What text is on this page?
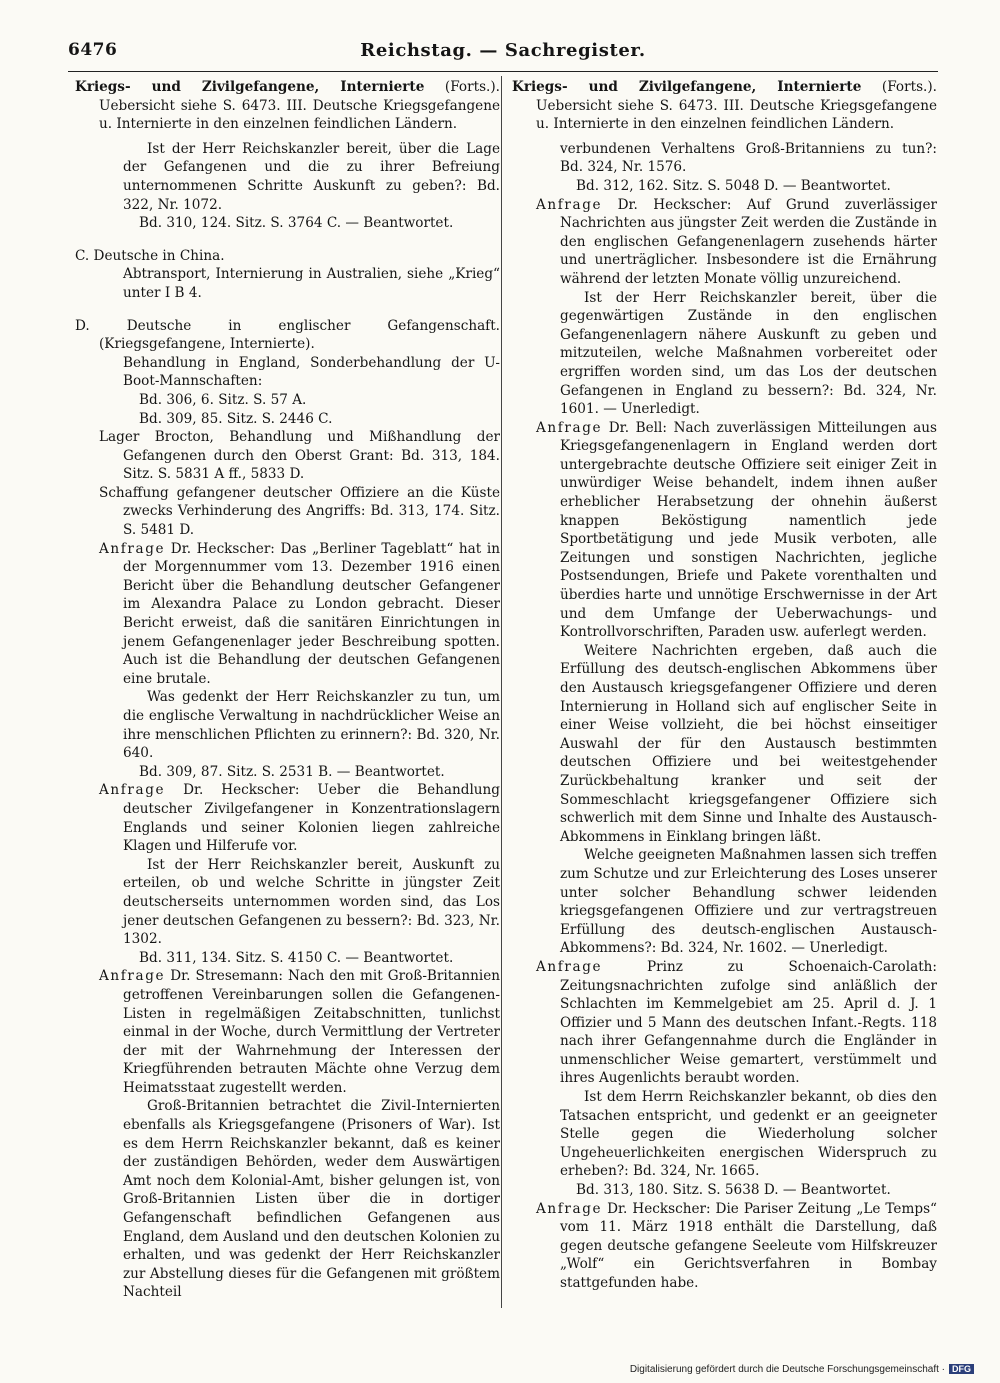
6476	Reichstag. — Sachregister.

Kriegs- und Zivilgefangene, Internierte (Forts.). Uebersicht siehe S. 6473. III. Deutsche Kriegsgefangene u. Internierte in den einzelnen feindlichen Ländern.

Ist der Herr Reichskanzler bereit, über die Lage der Gefangenen und die zu ihrer Befreiung unternommenen Schritte Auskunft zu geben?: Bd. 322, Nr. 1072.

Bd. 310, 124. Sitz. S. 3764 C. — Beantwortet.

C. Deutsche in China.

Abtransport, Internierung in Australien, siehe „Krieg“ unter I B 4.

D. Deutsche in englischer Gefangenschaft. (Kriegsgefangene, Internierte).

Behandlung in England, Sonderbehandlung der U-Boot-Mannschaften:

Bd. 306, 6. Sitz. S. 57 A.

Bd. 309, 85. Sitz. S. 2446 C.

Lager Brocton, Behandlung und Mißhandlung der Gefangenen durch den Oberst Grant: Bd. 313, 184. Sitz. S. 5831 A ff., 5833 D.

Schaffung gefangener deutscher Offiziere an die Küste zwecks Verhinderung des Angriffs: Bd. 313, 174. Sitz. S. 5481 D.

Anfrage Dr. Heckscher: Das „Berliner Tageblatt“ hat in der Morgennummer vom 13. Dezember 1916 einen Bericht über die Behandlung deutscher Gefangener im Alexandra Palace zu London gebracht. Dieser Bericht erweist, daß die sanitären Einrichtungen in jenem Gefangenenlager jeder Beschreibung spotten. Auch ist die Behandlung der deutschen Gefangenen eine brutale.

Was gedenkt der Herr Reichskanzler zu tun, um die englische Verwaltung in nachdrücklicher Weise an ihre menschlichen Pflichten zu erinnern?: Bd. 320, Nr. 640.

Bd. 309, 87. Sitz. S. 2531 B. — Beantwortet.

Anfrage Dr. Heckscher: Ueber die Behandlung deutscher Zivilgefangener in Konzentrationslagern Englands und seiner Kolonien liegen zahlreiche Klagen und Hilferufe vor.

Ist der Herr Reichskanzler bereit, Auskunft zu erteilen, ob und welche Schritte in jüngster Zeit deutscherseits unternommen worden sind, das Los jener deutschen Gefangenen zu bessern?: Bd. 323, Nr. 1302.

Bd. 311, 134. Sitz. S. 4150 C. — Beantwortet.

Anfrage Dr. Stresemann: Nach den mit Groß-Britannien getroffenen Vereinbarungen sollen die Gefangenen-Listen in regelmäßigen Zeitabschnitten, tunlichst einmal in der Woche, durch Vermittlung der Vertreter der mit der Wahrnehmung der Interessen der Kriegführenden betrauten Mächte ohne Verzug dem Heimatsstaat zugestellt werden.

Groß-Britannien betrachtet die Zivil-Internierten ebenfalls als Kriegsgefangene (Prisoners of War). Ist es dem Herrn Reichskanzler bekannt, daß es keiner der zuständigen Behörden, weder dem Auswärtigen Amt noch dem Kolonial-Amt, bisher gelungen ist, von Groß-Britannien Listen über die in dortiger Gefangenschaft befindlichen Gefangenen aus England, dem Ausland und den deutschen Kolonien zu erhalten, und was gedenkt der Herr Reichskanzler zur Abstellung dieses für die Gefangenen mit größtem Nachteil

Kriegs- und Zivilgefangene, Internierte (Forts.). Uebersicht siehe S. 6473. III. Deutsche Kriegsgefangene u. Internierte in den einzelnen feindlichen Ländern.

verbundenen Verhaltens Groß-Britanniens zu tun?: Bd. 324, Nr. 1576.

Bd. 312, 162. Sitz. S. 5048 D. — Beantwortet.

Anfrage Dr. Heckscher: Auf Grund zuverlässiger Nachrichten aus jüngster Zeit werden die Zustände in den englischen Gefangenenlagern zusehends härter und unerträglicher. Insbesondere ist die Ernährung während der letzten Monate völlig unzureichend.

Ist der Herr Reichskanzler bereit, über die gegenwärtigen Zustände in den englischen Gefangenenlagern nähere Auskunft zu geben und mitzuteilen, welche Maßnahmen vorbereitet oder ergriffen worden sind, um das Los der deutschen Gefangenen in England zu bessern?: Bd. 324, Nr. 1601. — Unerledigt.

Anfrage Dr. Bell: Nach zuverlässigen Mitteilungen aus Kriegsgefangenenlagern in England werden dort untergebrachte deutsche Offiziere seit einiger Zeit in unwürdiger Weise behandelt, indem ihnen außer erheblicher Herabsetzung der ohnehin äußerst knappen Beköstigung namentlich jede Sportbetätigung und jede Musik verboten, alle Zeitungen und sonstigen Nachrichten, jegliche Postsendungen, Briefe und Pakete vorenthalten und überdies harte und unnötige Erschwernisse in der Art und dem Umfange der Ueberwachungs- und Kontrollvorschriften, Paraden usw. auferlegt werden.

Weitere Nachrichten ergeben, daß auch die Erfüllung des deutsch-englischen Abkommens über den Austausch kriegsgefangener Offiziere und deren Internierung in Holland sich auf englischer Seite in einer Weise vollzieht, die bei höchst einseitiger Auswahl der für den Austausch bestimmten deutschen Offiziere und bei weitestgehender Zurückbehaltung kranker und seit der Sommeschlacht kriegsgefangener Offiziere sich schwerlich mit dem Sinne und Inhalte des Austausch-Abkommens in Einklang bringen läßt.

Welche geeigneten Maßnahmen lassen sich treffen zum Schutze und zur Erleichterung des Loses unserer unter solcher Behandlung schwer leidenden kriegsgefangenen Offiziere und zur vertragstreuen Erfüllung des deutsch-englischen Austausch-Abkommens?: Bd. 324, Nr. 1602. — Unerledigt.

Anfrage Prinz zu Schoenaich-Carolath: Zeitungsnachrichten zufolge sind anläßlich der Schlachten im Kemmelgebiet am 25. April d. J. 1 Offizier und 5 Mann des deutschen Infant.-Regts. 118 nach ihrer Gefangennahme durch die Engländer in unmenschlicher Weise gemartert, verstümmelt und ihres Augenlichts beraubt worden.

Ist dem Herrn Reichskanzler bekannt, ob dies den Tatsachen entspricht, und gedenkt er an geeigneter Stelle gegen die Wiederholung solcher Ungeheuerlichkeiten energischen Widerspruch zu erheben?: Bd. 324, Nr. 1665.

Bd. 313, 180. Sitz. S. 5638 D. — Beantwortet.

Anfrage Dr. Heckscher: Die Pariser Zeitung „Le Temps“ vom 11. März 1918 enthält die Darstellung, daß gegen deutsche gefangene Seeleute vom Hilfskreuzer „Wolf“ ein Gerichtsverfahren in Bombay stattgefunden habe.

Digitalisierung gefördert durch die Deutsche Forschungsgemeinschaft · DFG
